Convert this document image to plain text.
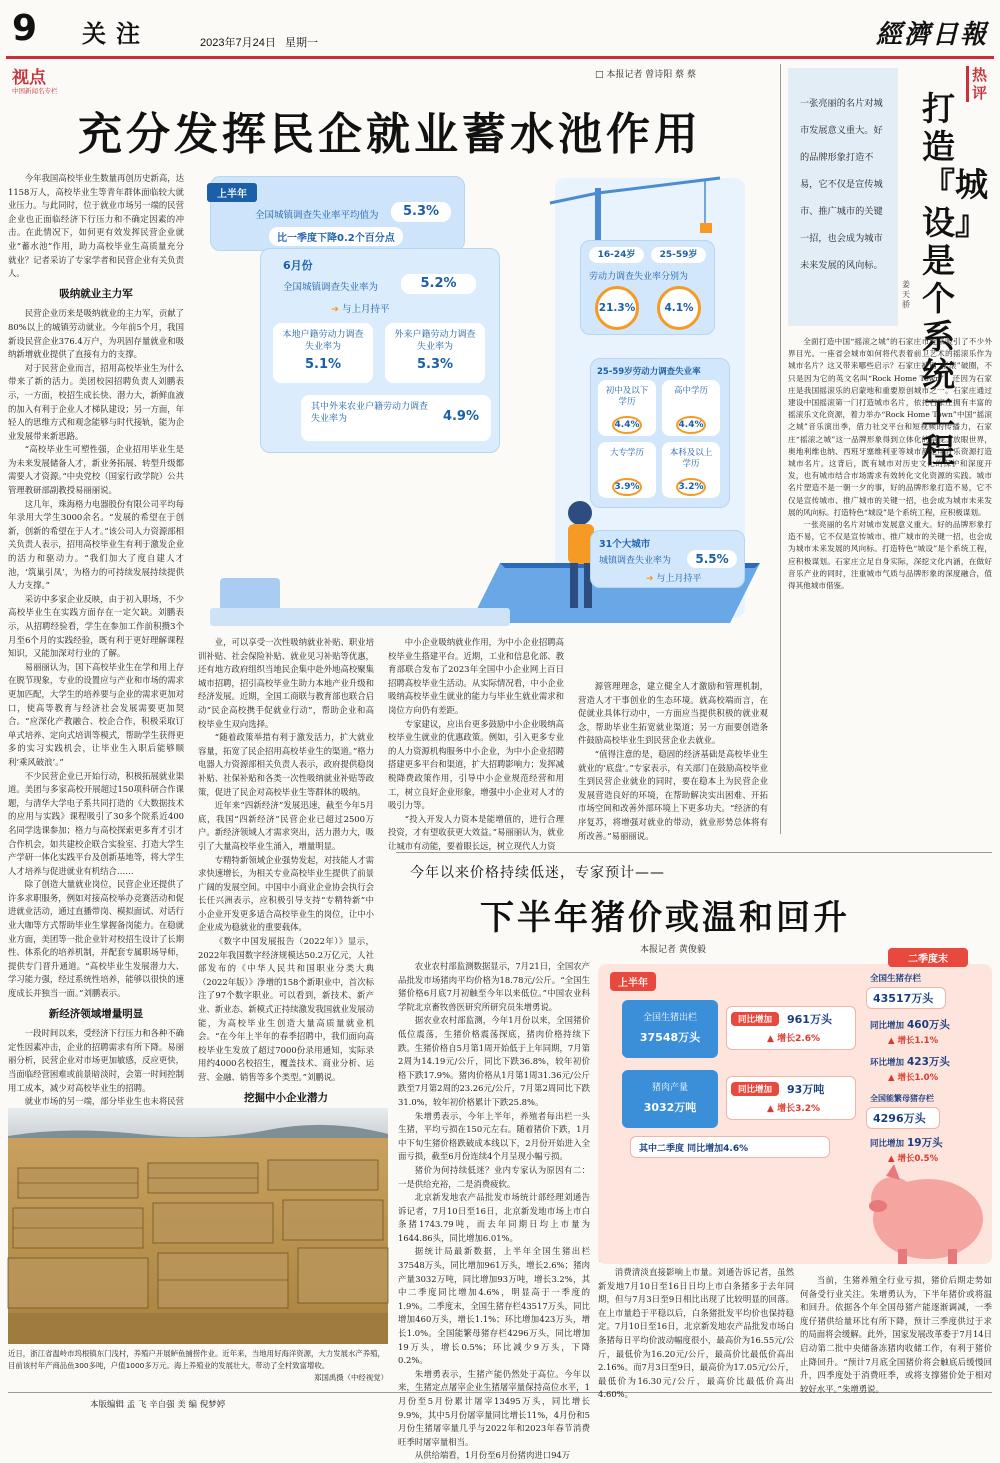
9 关注	2023年7月24日 星期一	經濟日報
视点
中国新闻名专栏
□ 本报记者 曾诗阳 蔡 蔡
充分发挥民企就业蓄水池作用
上半年
全国城镇调查失业率平均值为	5.3%
比一季度下降0.2个百分点
6月份
全国城镇调查失业率为	5.2%
➜ 与上月持平
本地户籍劳动力调查失业率为
5.1%
外来户籍劳动力调查失业率为
5.3%
其中外来农业户籍劳动力调查失业率为	4.9%
16-24岁	25-59岁
劳动力调查失业率分别为
21.3%	4.1%
25-59岁劳动力调查失业率
31个大城市
城镇调查失业率为	5.5%
➜ 与上月持平
初中及以下学历
4.4%
高中学历
4.4%
大专学历
3.9%
本科及以上学历
3.2%
一张亮丽的名片对城市发展意义重大。好的品牌形象打造不易，它不仅是宣传城市、推广城市的关键一招，也会成为城市未来发展的风向标。
热评
打造『城设』是个系统工程
姜天骄

全面打造中国“摇滚之城”的石家庄市近来吸引了不少外界目光。一座省会城市如何将代表着前卫艺术的摇滚乐作为城市名片？这又带来哪些启示？石家庄被用“摇滚”破圈，不只是因为它的英文名叫“Rock Home Town”，还因为石家庄是我国摇滚乐的启蒙地和重要原创城市之一。石家庄通过建设中国摇滚第一门打造城市名片，依托石家庄拥有丰富的摇滚乐文化资源，着力举办“Rock Home Town”中国“摇滚之城”音乐演出季，借力社交平台和短视频的传播力，石家庄“摇滚之城”这一品牌形象得到立体化的呈现。放眼世界，奥地利维也纳、西班牙塞维利亚等城市都是用音乐资源打造城市名片。这背后，既有城市对历史文化的保护和深度开发，也有城市结合市场需求有效转化文化资源的实践。城市名片塑造不是一朝一夕的事，好的品牌形象打造不易，它不仅是宣传城市、推广城市的关键一招，也会成为城市未来发展的风向标。打造特色“城设”是个系统工程，应积极谋划。

一张亮丽的名片对城市发展意义重大。好的品牌形象打造不易，它不仅是宣传城市、推广城市的关键一招，也会成为城市未来发展的风向标。打造特色“城设”是个系统工程，应积极谋划。石家庄立足自身实际，深挖文化内涵，在做好音乐产业的同时，注重城市气质与品牌形象的深度融合，值得其他城市借鉴。

今年我国高校毕业生数量再创历史新高，达1158万人，高校毕业生等青年群体面临较大就业压力。与此同时，位于就业市场另一端的民营企业也正面临经济下行压力和不确定因素的冲击。在此情况下，如何更有效发挥民营企业就业“蓄水池”作用，助力高校毕业生高质量充分就业？记者采访了专家学者和民营企业有关负责人。

吸纳就业主力军

民营企业历来是吸纳就业的主力军，贡献了80%以上的城镇劳动就业。今年前5个月，我国新设民营企业376.4万户，为巩固存量就业和吸纳新增就业提供了直接有力的支撑。

对于民营企业而言，招用高校毕业生为什么带来了新的活力。美团校园招聘负责人刘鹏表示，一方面，校招生成长快、潜力大，新鲜血液的加入有利于企业人才梯队建设；另一方面，年轻人的思维方式和观念能够与时代接轨，能为企业发展带来新思路。

“高校毕业生可塑性强，企业招用毕业生是为未来发展储备人才，新业务拓展、转型升级都需要人才资源。”中央党校（国家行政学院）公共管理教研部副教授易丽丽说。

这几年，珠海格力电器股份有限公司平均每年录用大学生3000余名。“发展的希望在于创新，创新的希望在于人才。”该公司人力资源部相关负责人表示，招用高校毕业生有利于激发企业的活力和驱动力。“我们加大了度自建人才池，‘筑巢引凤’，为格力的可持续发展持续提供人力支撑。”

采访中多家企业反映，由于初入职场，不少高校毕业生在实践方面存在一定欠缺。刘鹏表示，从招聘经验看，学生在参加工作前积攒3个月至6个月的实践经验，既有利于更好理解课程知识，又能加深对行业的了解。

易丽丽认为，国下高校毕业生在学和用上存在脱节现象，专业的设置应与产业和市场的需求更加匹配，大学生的培养要与企业的需求更加对口，使高等教育与经济社会发展需要更加契合。“应深化产教融合、校企合作，积极采取订单式培养、定向式培训等模式，帮助学生获得更多的实习实践机会，让毕业生入职后能够顺利‘乘风破浪’。”

不少民营企业已开始行动，积极拓展就业渠道。美团与多家高校开展超过150项科研合作课题，与清华大学电子系共同打造的《大数据技术的应用与实践》课程吸引了30多个院系近400名同学选课参加；格力与高校探索更多育才引才合作机会，如共建校企联合实验室、打造大学生产学研一体化实践平台及创新基地等，将大学生人才培养与促进就业有机结合……

除了创造大量就业岗位，民营企业还提供了许多求职服务，例如对接高校举办竞赛活动和促进就业活动，通过直播带岗、模拟面试、对话行业大咖等方式帮助毕业生掌握备岗能力。在稳就业方面，美团等一批企业针对校招生设计了长期性、体系化的培养机制，并配套专属职场导师，提供专门晋升通道。“高校毕业生发展潜力大、学习能力强，经过系统性培养，能够以很快的速度成长并独当一面。”刘鹏表示。

新经济领域增量明显

一段时间以来，受经济下行压力和各种不确定性因素冲击，企业的招聘需求有所下降。易丽丽分析，民营企业对市场更加敏感，反应更快，当面临经营困难或前景暗淡时，会第一时间控制用工成本，减少对高校毕业生的招聘。

就业市场的另一端，部分毕业生也未将民营

业，可以享受一次性吸纳就业补贴、职业培训补贴、社会保险补贴、就业见习补贴等优惠，还有地方政府组织当地民企集中赴外地高校聚集城市招聘，招引高校毕业生助力本地产业升级和经济发展。近期，全国工商联与教育部也联合启动“民企高校携手促就业行动”，帮助企业和高校毕业生双向选择。

“随着政策举措有利于激发活力，扩大就业容量，拓宽了民企招用高校毕业生的渠道。”格力电器人力资源部相关负责人表示，政府提供稳岗补贴、社保补贴和各类一次性吸纳就业补贴等政策，促进了民企对高校毕业生等群体的吸纳。

近年来“四新经济”发展迅速，截至今年5月底，我国“四新经济”民营企业已超过2500万户。新经济领域人才需求突出，活力潜力大，吸引了大量高校毕业生涌入，增量明显。

专精特新领域企业强势发起，对技能人才需求快速增长，为相关专业高校毕业生提供了前景广阔的发展空间。中国中小商业企业协会执行会长任兴洲表示，应积极引导支持“专精特新”中小企业开发更多适合高校毕业生的岗位，让中小企业成为稳就业的重要载体。

《数字中国发展报告（2022年）》显示，2022年我国数字经济规模达50.2万亿元，人社部发布的《中华人民共和国职业分类大典（2022年版）》净增的158个新职业中，首次标注了97个数字职业。可以看到，新技术、新产业、新业态、新模式正持续激发我国就业发展动能，为高校毕业生创造大量高质量就业机会。“在今年上半年的春季招聘中，我们面向高校毕业生发放了超过7000份录用通知，实际录用约4000名校招生，覆盖技术、商业分析、运营、金融、销售等多个类型。”刘鹏说。

挖掘中小企业潜力

中小企业吸纳就业作用，为中小企业招聘高校毕业生搭建平台。近期，工业和信息化部、教育部联合发布了2023年全国中小企业网上百日招聘高校毕业生活动。从实际情况看，中小企业吸纳高校毕业生就业的能力与毕业生就业需求和岗位方向仍有差距。

专家建议，应出台更多鼓励中小企业吸纳高校毕业生就业的优惠政策。例如，引入更多专业的人力资源机构服务中小企业，为中小企业招聘搭建更多平台和渠道，扩大招聘影响力；发挥减税降费政策作用，引导中小企业规范经营和用工，树立良好企业形象，增强中小企业对人才的吸引力等。

“投入开发人力资本是能增值的，进行合理投资，才有望收获更大效益。”易丽丽认为，就业让城市有动能，要着眼长远，树立现代人力资

源管理理念，建立健全人才激励和管理机制，营造人才干事创业的生态环境。就高校端而言，在促就业具体行动中，一方面应当提供积极的就业观念，帮助毕业生拓宽就业渠道；另一方面要创造条件鼓励高校毕业生到民营企业去就业。

“值得注意的是，稳固的经济基础是高校毕业生就业的‘底盘’。”专家表示，有关部门在鼓励高校毕业生到民营企业就业的同时，要在稳本上为民营企业发展营造良好的环境，在帮助解决实出困难、开拓市场空间和改善外部环境上下更多功夫。“经济的有序复苏，将增强对就业的带动，就业形势总体将有所改善。”易丽丽说。

近日，浙江省温岭市坞根镇东门浅村，养殖户开展鲈鱼捕捞作业。近年来，当地用好海洋资源，大力发展水产养殖，目前该村年产商品鱼300多吨，户值1000多万元。海上养殖业的发展壮大，带动了全村致富增收。
郑国禹摄（中经视觉）
本版编辑 孟 飞 辛自强 美 编 倪梦婷
今年以来价格持续低迷，专家预计——
下半年猪价或温和回升
本报记者 黄俊毅

农业农村部监测数据显示，7月21日，全国农产品批发市场猪肉平均价格为18.78元/公斤。“全国生猪价格6月底7月初触至今年以来低位。”中国农业科学院北京畜牧兽医研究所研究员朱增勇说。

据农业农村部监测，今年1月份以来，全国猪价低位震荡，生猪价格震荡探底，猪肉价格持续下跌。生猪价格自5月第1周开始低于上年同期，7月第2周为14.19元/公斤，同比下跌36.8%，较年初价格下跌17.9%。猪肉价格从1月第1周31.36元/公斤跌至7月第2周的23.26元/公斤，7月第2周同比下跌31.0%，较年初价格累计下跌25.8%。

朱增勇表示，今年上半年，养殖者每出栏一头生猪，平均亏损在150元左右。随着猪价下跌，1月中下旬生猪价格跌破成本线以下，2月份开始进入全面亏损，截至6月份连续4个月呈现小幅亏损。

猪价为何持续低迷？业内专家认为原因有二：一是供给充裕，二是消费疲软。

北京新发地农产品批发市场统计部经理刘通告诉记者，7月10日至16日，北京新发地市场上市白条猪1743.79吨，而去年同期日均上市量为1644.86头，同比增加6.01%。

据统计局最新数据，上半年全国生猪出栏37548万头，同比增加961万头，增长2.6%；猪肉产量3032万吨，同比增加93万吨，增长3.2%，其中二季度同比增加4.6%，明显高于一季度的1.9%。二季度末，全国生猪存栏43517万头，同比增加460万头，增长1.1%；环比增加423万头，增长1.0%。全国能繁母猪存栏4296万头，同比增加19万头，增长0.5%；环比减少9万头，下降0.2%。

朱增勇表示，生猪产能仍然处于高位。今年以来，生猪定点屠宰企业生猪屠宰量保持高位水平，1月份至5月份累计屠宰13495万头，同比增长9.9%，其中5月份屠宰量同比增长11%，4月份和5月份生猪屠宰量几乎与2022年和2023年春节消费旺季时屠宰量相当。

从供给端看，1月份至6月份猪肉进口94万

消费清淡直接影响上市量。刘通告诉记者，虽然新发地7月10日至16日日均上市白条猪多于去年同期，但与7月3日至9日相比出现了比较明显的回落。在上市量趋于平稳以后，白条猪批发平均价也保持稳定。7月10日至16日，北京新发地农产品批发市场白条猪每日平均价波动幅度很小，最高价为16.55元/公斤，最低价为16.20元/公斤，最高价比最低价高出2.16%。而7月3日至9日，最高价为17.05元/公斤，最低价为16.30元/公斤，最高价比最低价高出4.60%。

当前，生猪养殖全行业亏损，猪价后期走势如何备受行业关注。朱增勇认为，下半年猪价或将温和回升。依据各个年全国母猪产能逐渐调减，一季度仔猪供给量环比有所下降，预计三季度供过于求的局面将会缓解。此外，国家发展改革委于7月14日启动第二批中央储备冻猪肉收储工作，有利于猪价止降回升。“预计7月底全国猪价将会触底后缓慢回升，四季度处于消费旺季，或将支撑猪价处于相对较好水平。”朱增勇说。

上半年
二季度末
全国生猪出栏
37548万头
同比增加	961万头
▲ 增长2.6%
猪肉产量
3032万吨
同比增加	93万吨
▲ 增长3.2%
其中二季度 同比增加4.6%
全国生猪存栏
43517万头
同比增加 460万头
▲ 增长1.1%
环比增加 423万头
▲ 增长1.0%
全国能繁母猪存栏
4296万头
同比增加 19万头
▲ 增长0.5%
